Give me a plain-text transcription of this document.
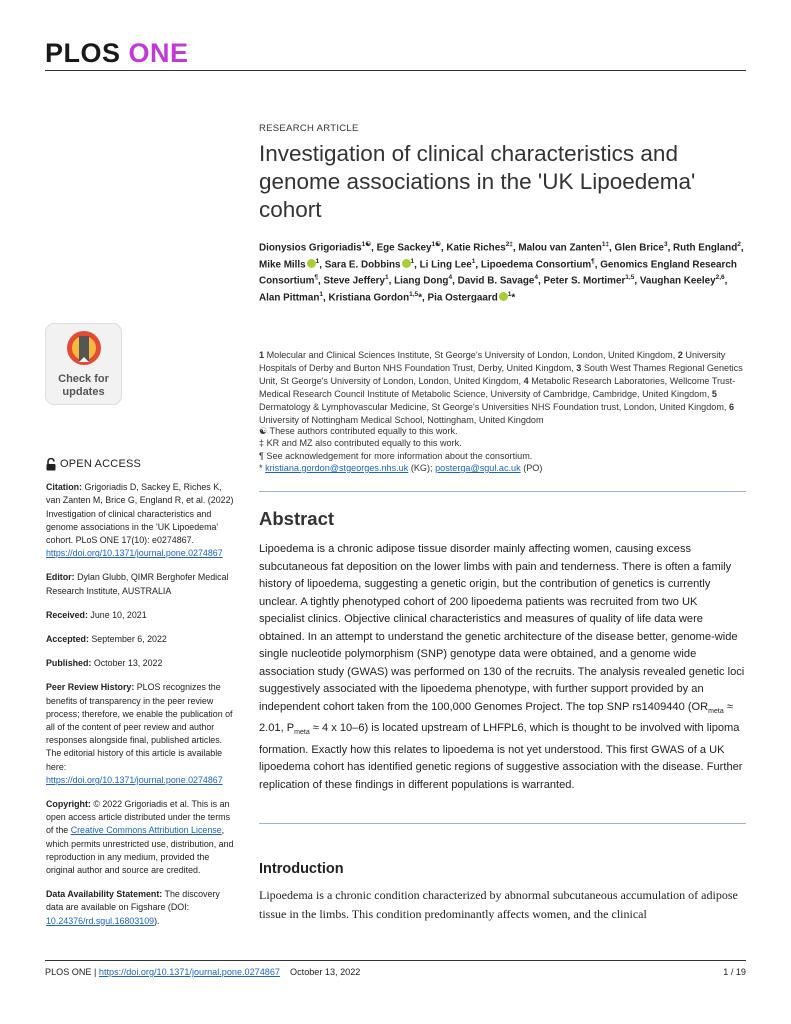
PLOS ONE
Check for
updates
OPEN ACCESS
Citation: Grigoriadis D, Sackey E, Riches K, van Zanten M, Brice G, England R, et al. (2022) Investigation of clinical characteristics and genome associations in the 'UK Lipoedema' cohort. PLoS ONE 17(10): e0274867. https://doi.org/10.1371/journal.pone.0274867
Editor: Dylan Glubb, QIMR Berghofer Medical Research Institute, AUSTRALIA
Received: June 10, 2021
Accepted: September 6, 2022
Published: October 13, 2022
Peer Review History: PLOS recognizes the benefits of transparency in the peer review process; therefore, we enable the publication of all of the content of peer review and author responses alongside final, published articles. The editorial history of this article is available here: https://doi.org/10.1371/journal.pone.0274867
Copyright: © 2022 Grigoriadis et al. This is an open access article distributed under the terms of the Creative Commons Attribution License, which permits unrestricted use, distribution, and reproduction in any medium, provided the original author and source are credited.
Data Availability Statement: The discovery data are available on Figshare (DOI: 10.24376/rd.sgul.16803109).
RESEARCH ARTICLE
Investigation of clinical characteristics and genome associations in the 'UK Lipoedema' cohort
Dionysios Grigoriadis$^{1☯}$, Ege Sackey$^{1☯}$, Katie Riches$^{2\ddagger}$, Malou van Zanten$^{1\ddagger}$, Glen Brice$^3$, Ruth England$^2$, Mike Mills $^1$, Sara E. Dobbins $^1$, Li Ling Lee$^1$, Lipoedema Consortium¶, Genomics England Research Consortium¶, Steve Jeffery$^1$, Liang Dong$^4$, David B. Savage$^4$, Peter S. Mortimer$^{1,5}$, Vaughan Keeley$^{2,6}$, Alan Pittman$^1$, Kristiana Gordon$^{1,5}$*, Pia Ostergaard $^1$*
1 Molecular and Clinical Sciences Institute, St George's University of London, London, United Kingdom, 2 University Hospitals of Derby and Burton NHS Foundation Trust, Derby, United Kingdom, 3 South West Thames Regional Genetics Unit, St George's University of London, London, United Kingdom, 4 Metabolic Research Laboratories, Wellcome Trust-Medical Research Council Institute of Metabolic Science, University of Cambridge, Cambridge, United Kingdom, 5 Dermatology & Lymphovascular Medicine, St George's Universities NHS Foundation trust, London, United Kingdom, 6 University of Nottingham Medical School, Nottingham, United Kingdom
☯ These authors contributed equally to this work.
‡ KR and MZ also contributed equally to this work.
¶ See acknowledgement for more information about the consortium.
* kristiana.gordon@stgeorges.nhs.uk (KG); posterga@sgul.ac.uk (PO)
Abstract

Lipoedema is a chronic adipose tissue disorder mainly affecting women, causing excess subcutaneous fat deposition on the lower limbs with pain and tenderness. There is often a family history of lipoedema, suggesting a genetic origin, but the contribution of genetics is currently unclear. A tightly phenotyped cohort of 200 lipoedema patients was recruited from two UK specialist clinics. Objective clinical characteristics and measures of quality of life data were obtained. In an attempt to understand the genetic architecture of the disease better, genome-wide single nucleotide polymorphism (SNP) genotype data were obtained, and a genome wide association study (GWAS) was performed on 130 of the recruits. The analysis revealed genetic loci suggestively associated with the lipoedema phenotype, with further support provided by an independent cohort taken from the 100,000 Genomes Project. The top SNP rs1409440 ($OR_{meta} \approx 2.01$, $P_{meta} \approx 4$ x 10–6) is located upstream of LHFPL6, which is thought to be involved with lipoma formation. Exactly how this relates to lipoedema is not yet understood. This first GWAS of a UK lipoedema cohort has identified genetic regions of suggestive association with the disease. Further replication of these findings in different populations is warranted.

Introduction

Lipoedema is a chronic condition characterized by abnormal subcutaneous accumulation of adipose tissue in the limbs. This condition predominantly affects women, and the clinical

PLOS ONE |
https://doi.org/10.1371/journal.pone.0274867
October 13, 2022	1 / 19
